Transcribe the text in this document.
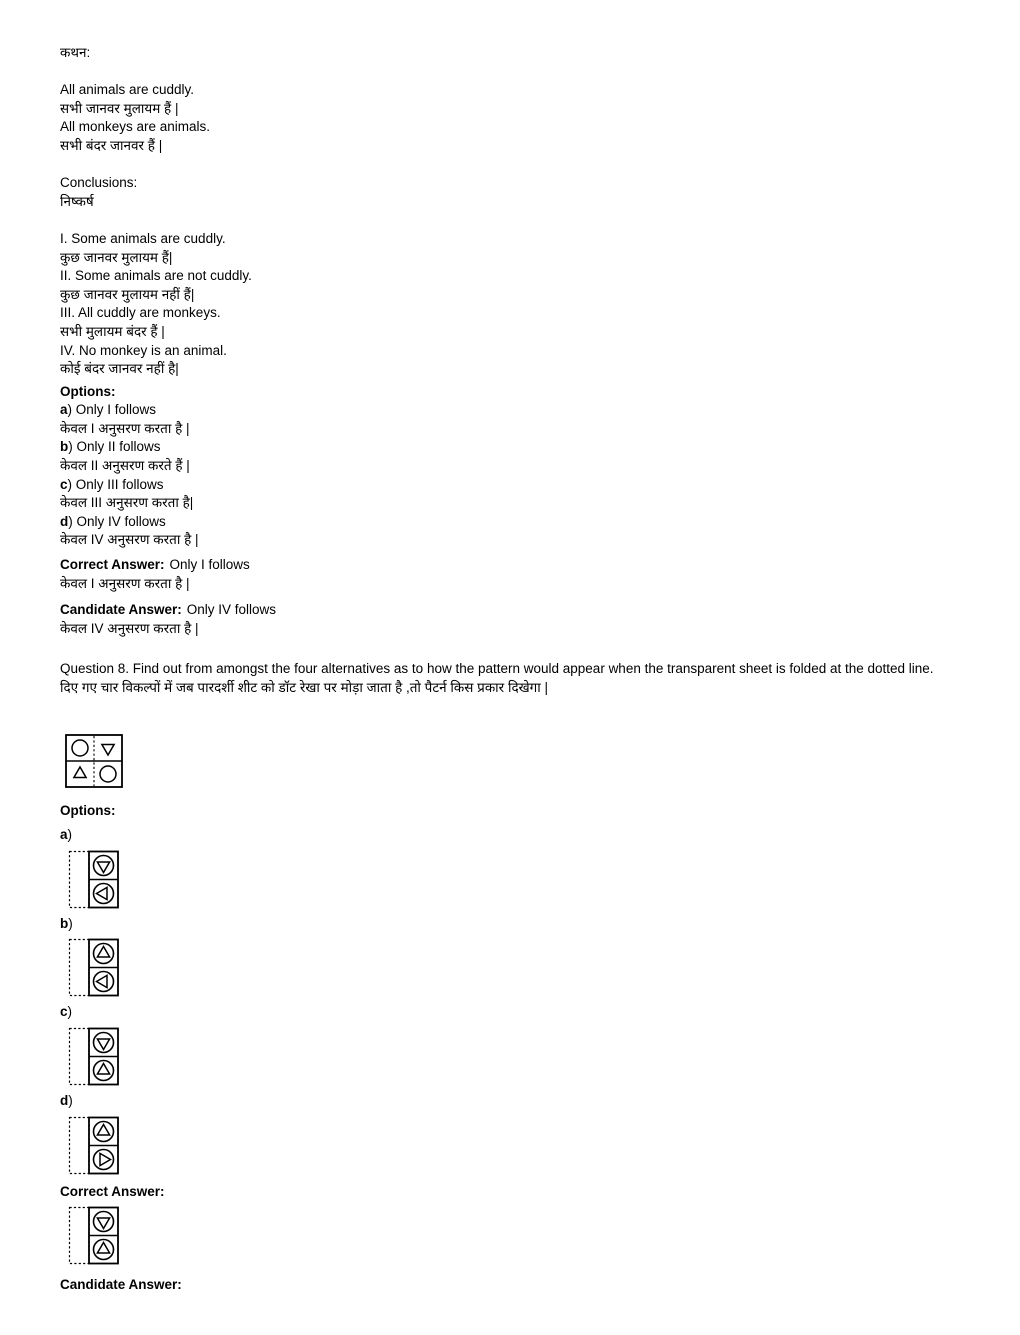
कथन:
All animals are cuddly.
सभी जानवर मुलायम हैं |
All monkeys are animals.
सभी बंदर जानवर हैं |
Conclusions:
निष्कर्ष
I. Some animals are cuddly.
कुछ जानवर मुलायम हैं|
II. Some animals are not cuddly.
कुछ जानवर मुलायम नहीं हैं|
III. All cuddly are monkeys.
सभी मुलायम बंदर हैं |
IV. No monkey is an animal.
कोई बंदर जानवर नहीं है|
Options:
a) Only I follows
केवल I अनुसरण करता है |
b) Only II follows
केवल II अनुसरण करते हैं |
c) Only III follows
केवल III अनुसरण करता है|
d) Only IV follows
केवल IV अनुसरण करता है |
Correct Answer: Only I follows
केवल I अनुसरण करता है |
Candidate Answer: Only IV follows
केवल IV अनुसरण करता है |
Question 8. Find out from amongst the four alternatives as to how the pattern would appear when the transparent sheet is folded at the dotted line.
दिए गए चार विकल्पों में जब पारदर्शी शीट को डॉट रेखा पर मोड़ा जाता है ,तो पैटर्न किस प्रकार दिखेगा |
Options:
a)
b)
c)
d)
Correct Answer:
Candidate Answer:
